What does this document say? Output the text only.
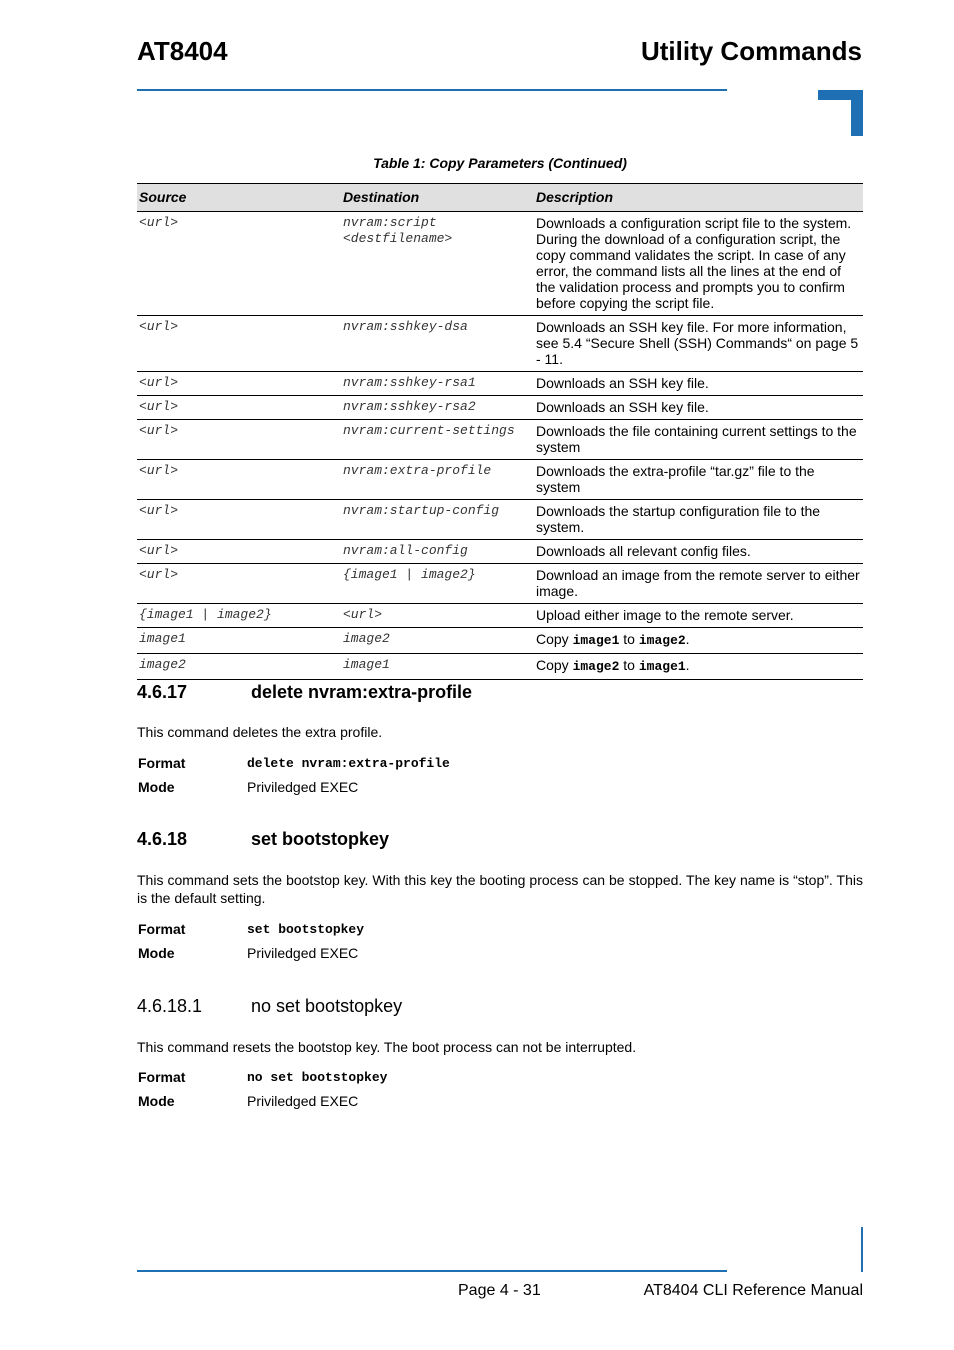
AT8404	Utility Commands
Table 1: Copy Parameters (Continued)
Source	Destination	Description
<url>	nvram:script <destfilename>	Downloads a configuration script file to the system. During the download of a configuration script, the copy command validates the script. In case of any error, the command lists all the lines at the end of the validation process and prompts you to confirm before copying the script file.
<url>	nvram:sshkey-dsa	Downloads an SSH key file. For more information, see 5.4 “Secure Shell (SSH) Commands“ on page 5 - 11.
<url>	nvram:sshkey-rsa1	Downloads an SSH key file.
<url>	nvram:sshkey-rsa2	Downloads an SSH key file.
<url>	nvram:current-settings	Downloads the file containing current settings to the system
<url>	nvram:extra-profile	Downloads the extra-profile “tar.gz” file to the system
<url>	nvram:startup-config	Downloads the startup configuration file to the system.
<url>	nvram:all-config	Downloads all relevant config files.
<url>	{image1 | image2}	Download an image from the remote server to either image.
{image1 | image2}	<url>	Upload either image to the remote server.
image1	image2	Copy image1 to image2.
image2	image1	Copy image2 to image1.
4.6.17	delete nvram:extra-profile
This command deletes the extra profile.
Format	delete nvram:extra-profile
Mode	Priviledged EXEC
4.6.18	set bootstopkey
This command sets the bootstop key. With this key the booting process can be stopped. The key name is “stop”. This is the default setting.
Format	set bootstopkey
Mode	Priviledged EXEC
4.6.18.1	no set bootstopkey
This command resets the bootstop key. The boot process can not be interrupted.
Format	no set bootstopkey
Mode	Priviledged EXEC
Page 4 - 31	AT8404 CLI Reference Manual
